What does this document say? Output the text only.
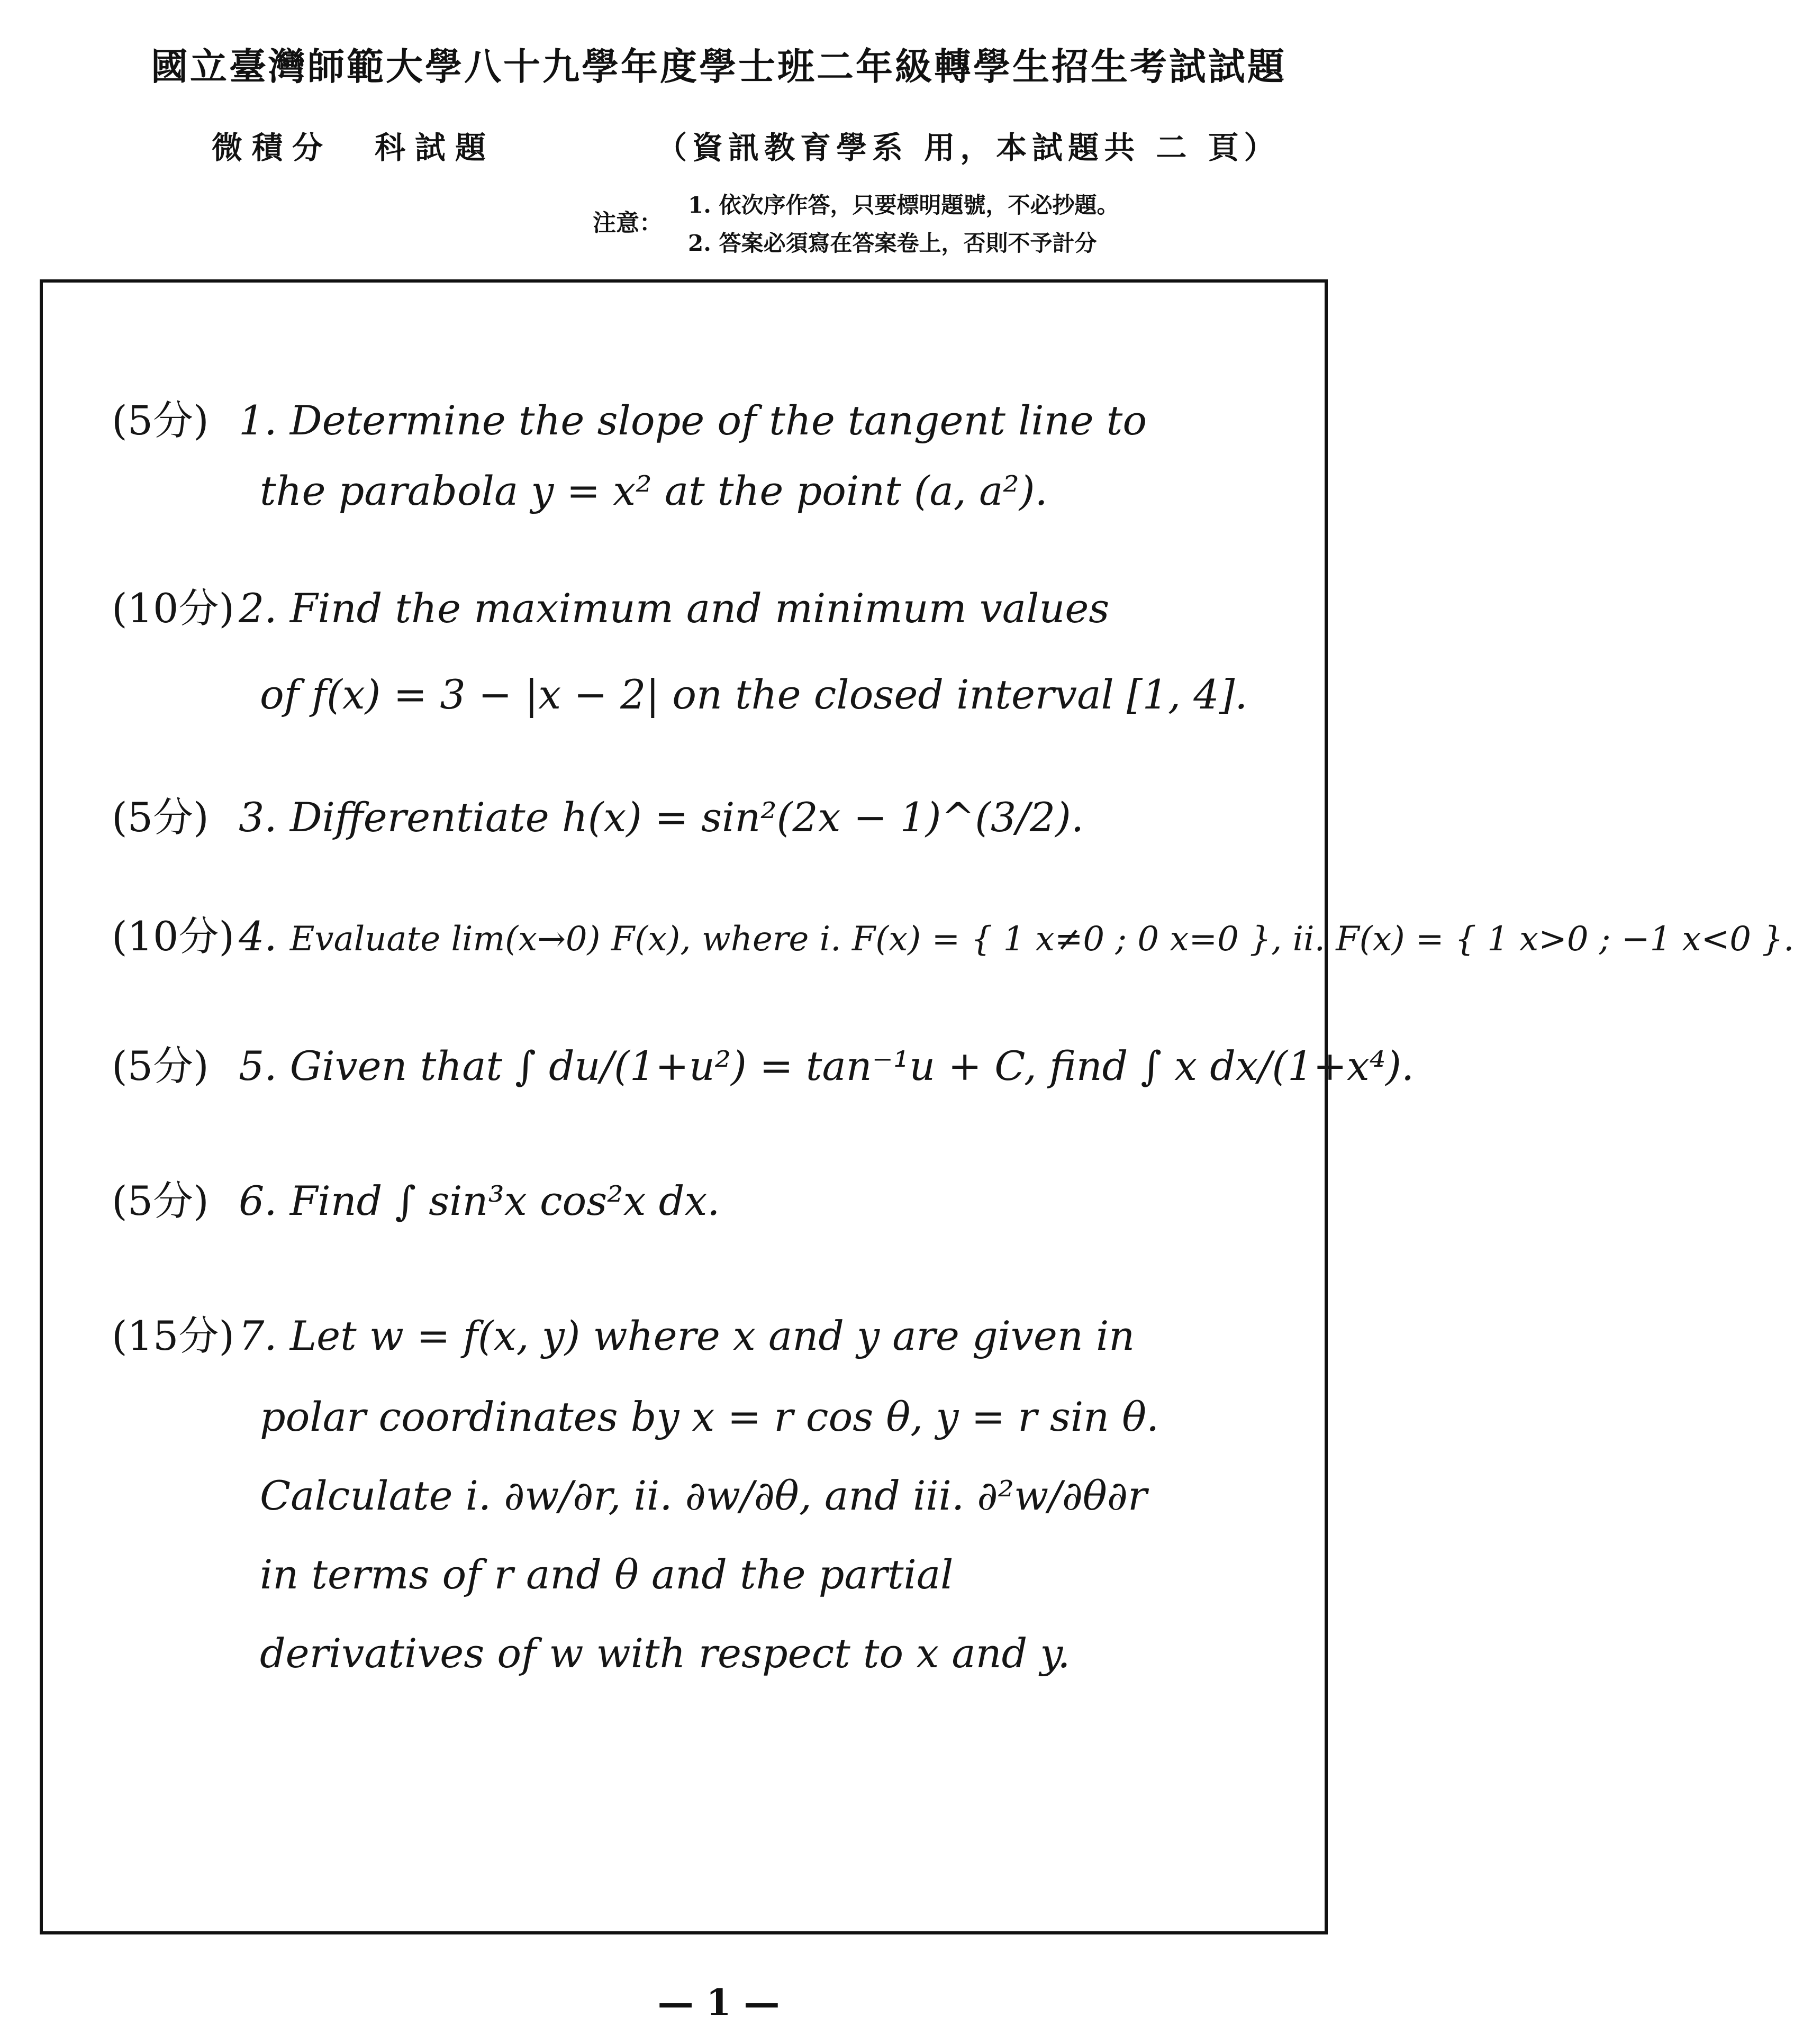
國立臺灣師範大學八十九學年度學士班二年級轉學生招生考試試題
微積分 科試題	（資訊教育學系 用，本試題共 二 頁）
注意：
1. 依次序作答，只要標明題號，不必抄題。
2. 答案必須寫在答案卷上，否則不予計分
(5分) 1. Determine the slope of the tangent line to
the parabola y = x² at the point (a, a²).
(10分) 2. Find the maximum and minimum values
of f(x) = 3 − |x − 2| on the closed interval [1, 4].
(5分) 3. Differentiate h(x) = sin²(2x − 1)^(3/2).
(10分) 4. Evaluate lim(x→0) F(x), where i. F(x) = { 1 x≠0 ; 0 x=0 }, ii. F(x) = { 1 x>0 ; −1 x<0 }.
(5分) 5. Given that ∫ du/(1+u²) = tan⁻¹u + C, find ∫ x dx/(1+x⁴).
(5分) 6. Find ∫ sin³x cos²x dx.
(15分) 7. Let w = f(x, y) where x and y are given in
polar coordinates by x = r cos θ, y = r sin θ.
Calculate i. ∂w/∂r, ii. ∂w/∂θ, and iii. ∂²w/∂θ∂r
in terms of r and θ and the partial
derivatives of w with respect to x and y.
— 1 —
